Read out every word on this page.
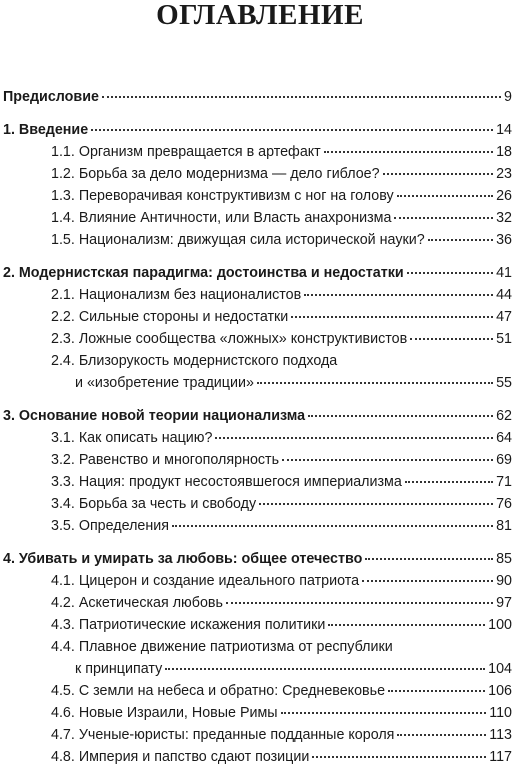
ОГЛАВЛЕНИЕ
Предисловие	9
1. Введение	14
1.1. Организм превращается в артефакт	18
1.2. Борьба за дело модернизма — дело гиблое?	23
1.3. Переворачивая конструктивизм с ног на голову	26
1.4. Влияние Античности, или Власть анахронизма	32
1.5. Национализм: движущая сила исторической науки?	36
2. Модернистская парадигма: достоинства и недостатки	41
2.1. Национализм без националистов	44
2.2. Сильные стороны и недостатки	47
2.3. Ложные сообщества «ложных» конструктивистов	51
2.4. Близорукость модернистского подхода
и «изобретение традиции»	55
3. Основание новой теории национализма	62
3.1. Как описать нацию?	64
3.2. Равенство и многополярность	69
3.3. Нация: продукт несостоявшегося империализма	71
3.4. Борьба за честь и свободу	76
3.5. Определения	81
4. Убивать и умирать за любовь: общее отечество	85
4.1. Цицерон и создание идеального патриота	90
4.2. Аскетическая любовь	97
4.3. Патриотические искажения политики	100
4.4. Плавное движение патриотизма от республики
к принципату	104
4.5. С земли на небеса и обратно: Средневековье	106
4.6. Новые Израили, Новые Римы	110
4.7. Ученые-юристы: преданные подданные короля	113
4.8. Империя и папство сдают позиции	117
